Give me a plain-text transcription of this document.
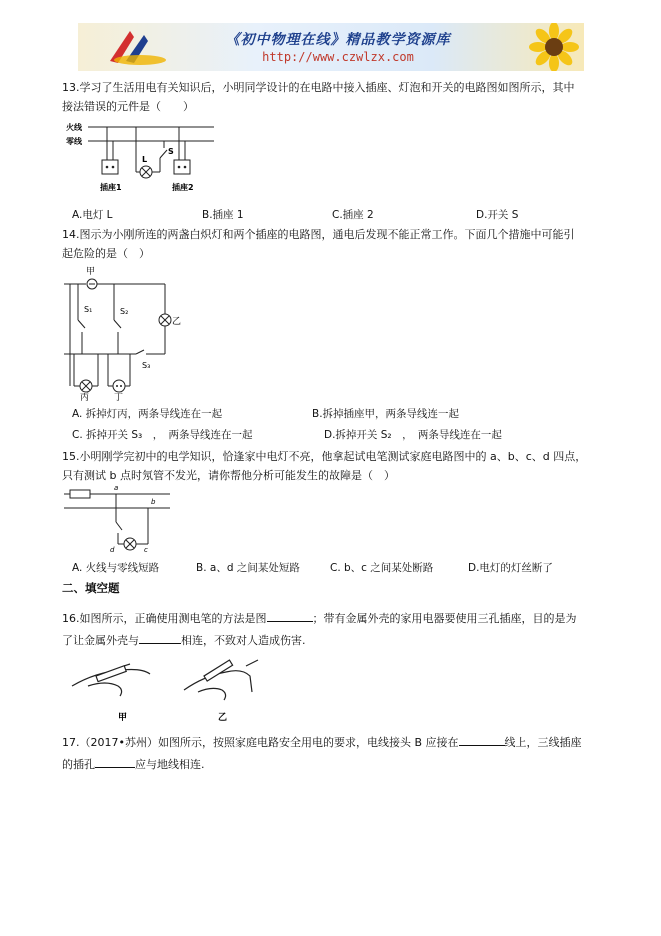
《初中物理在线》精品教学资源库
http://www.czwlzx.com
13.学习了生活用电有关知识后，小明同学设计的在电路中接入插座、灯泡和开关的电路图如图所示，其中
接法错误的元件是（　　）
火线
零线
插座1
L
S
插座2
A.电灯 L	B.插座 1	C.插座 2	D.开关 S
14.图示为小刚所连的两盏白炽灯和两个插座的电路图，通电后发现不能正常工作。下面几个措施中可能引
起危险的是（　）
甲
乙
S₁	S₂
S₃
丙	丁
A. 拆掉灯丙，两条导线连在一起	B.拆掉插座甲，两条导线连一起
C. 拆掉开关 S₃　，　两条导线连在一起	D.拆掉开关 S₂　，　两条导线连在一起
15.小明刚学完初中的电学知识，恰逢家中电灯不亮，他拿起试电笔测试家庭电路图中的 a、b、c、d 四点，
只有测试 b 点时氖管不发光，请你帮他分析可能发生的故障是（　）
a
d	c
b
A. 火线与零线短路	B. a、d 之间某处短路	C. b、c 之间某处断路	D.电灯的灯丝断了
二、填空题
16.如图所示，正确使用测电笔的方法是图	；带有金属外壳的家用电器要使用三孔插座，目的是为
了让金属外壳与	相连，不致对人造成伤害.
甲	乙
17.（2017•苏州）如图所示，按照家庭电路安全用电的要求，电线接头 B 应接在	线上，三线插座
的插孔	应与地线相连.
